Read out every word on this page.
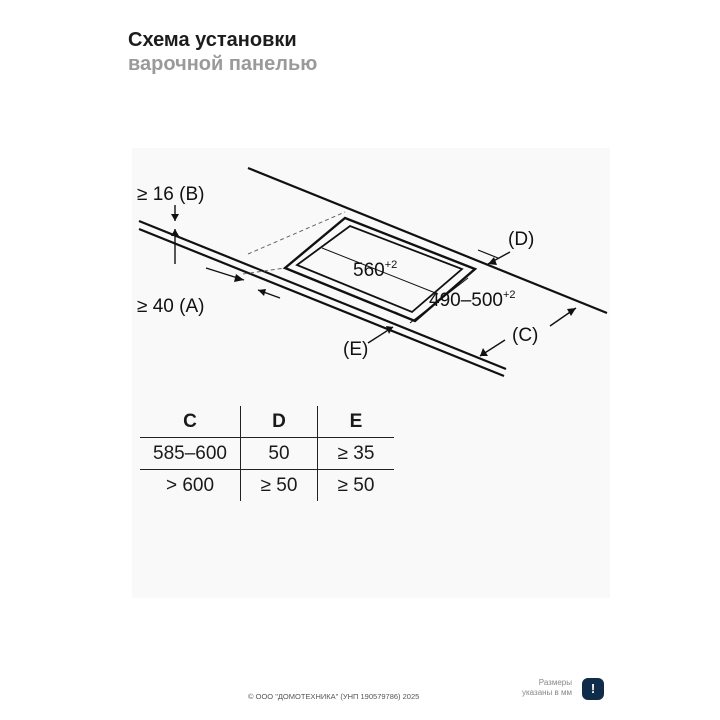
Схема установки
варочной панелью
≥ 16 (B)
≥ 40 (A)
(D)
(C)
(E)
$560^{+2}$
$490-500^{+2}$
C	D	E
585–600	50	≥ 35
> 600	≥ 50	≥ 50
© ООО "ДОМОТЕХНИКА" (УНП 190579786) 2025
Размеры
указаны в мм	!
